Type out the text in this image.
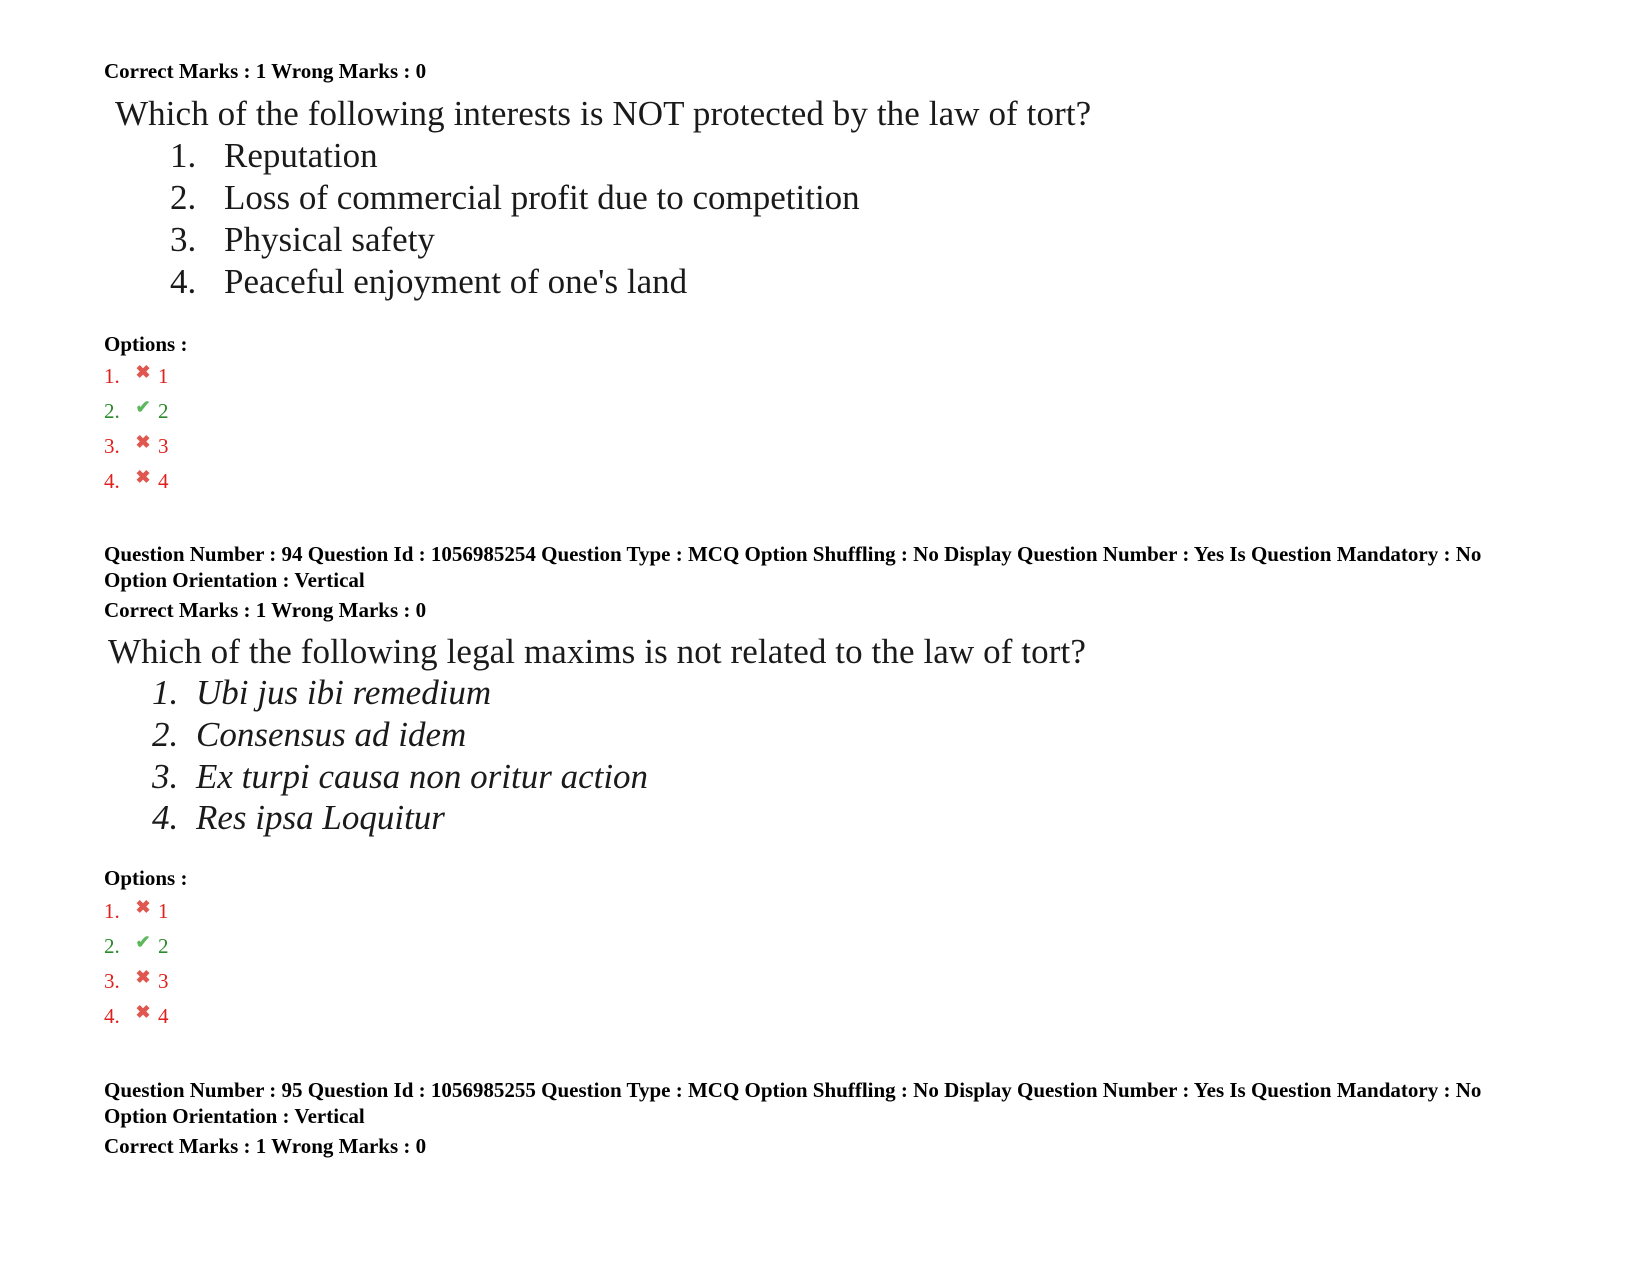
Correct Marks : 1 Wrong Marks : 0
Which of the following interests is NOT protected by the law of tort?
1. Reputation
2. Loss of commercial profit due to competition
3. Physical safety
4. Peaceful enjoyment of one's land
Options :
1. ✖ 1
2. ✔ 2
3. ✖ 3
4. ✖ 4
Question Number : 94 Question Id : 1056985254 Question Type : MCQ Option Shuffling : No Display Question Number : Yes Is Question Mandatory : No Option Orientation : Vertical
Correct Marks : 1 Wrong Marks : 0
Which of the following legal maxims is not related to the law of tort?
1. Ubi jus ibi remedium
2. Consensus ad idem
3. Ex turpi causa non oritur action
4. Res ipsa Loquitur
Options :
1. ✖ 1
2. ✔ 2
3. ✖ 3
4. ✖ 4
Question Number : 95 Question Id : 1056985255 Question Type : MCQ Option Shuffling : No Display Question Number : Yes Is Question Mandatory : No Option Orientation : Vertical
Correct Marks : 1 Wrong Marks : 0
